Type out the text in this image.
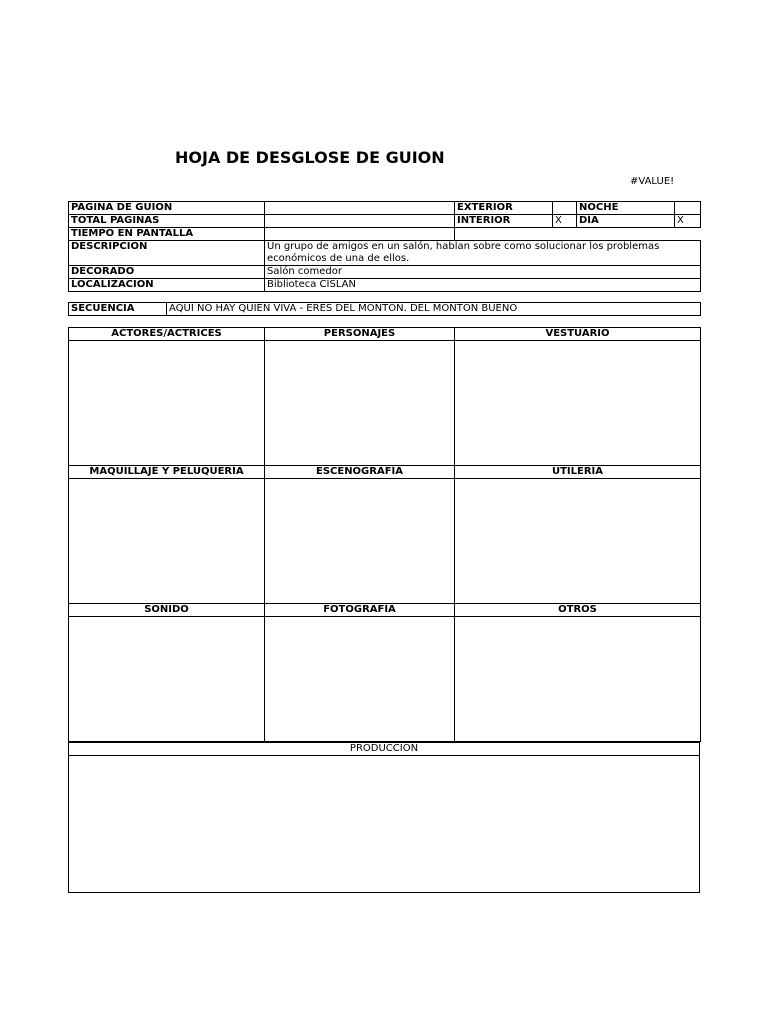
HOJA DE DESGLOSE DE GUION
#VALUE!
PAGINA DE GUION		EXTERIOR		NOCHE	
TOTAL PÁGINAS		INTERIOR	X	DÍA	X
TIEMPO EN PANTALLA					
DESCRIPCIÓN	Un grupo de amigos en un salón, hablan sobre como solucionar los problemas económicos de una de ellos.				
DECORADO	Salón comedor				
LOCALIZACIÓN	Biblioteca CISLAN				
SECUENCIA	AQUI NO HAY QUIEN VIVA - ERES DEL MONTON. DEL MONTON BUENO
ACTORES/ACTRICES	PERSONAJES	VESTUARIO

MAQUILLAJE Y PELUQUERÍA	ESCENOGRAFÍA	UTILERÍA

SONIDO	FOTOGRAFÍA	OTROS

PRODUCCION
